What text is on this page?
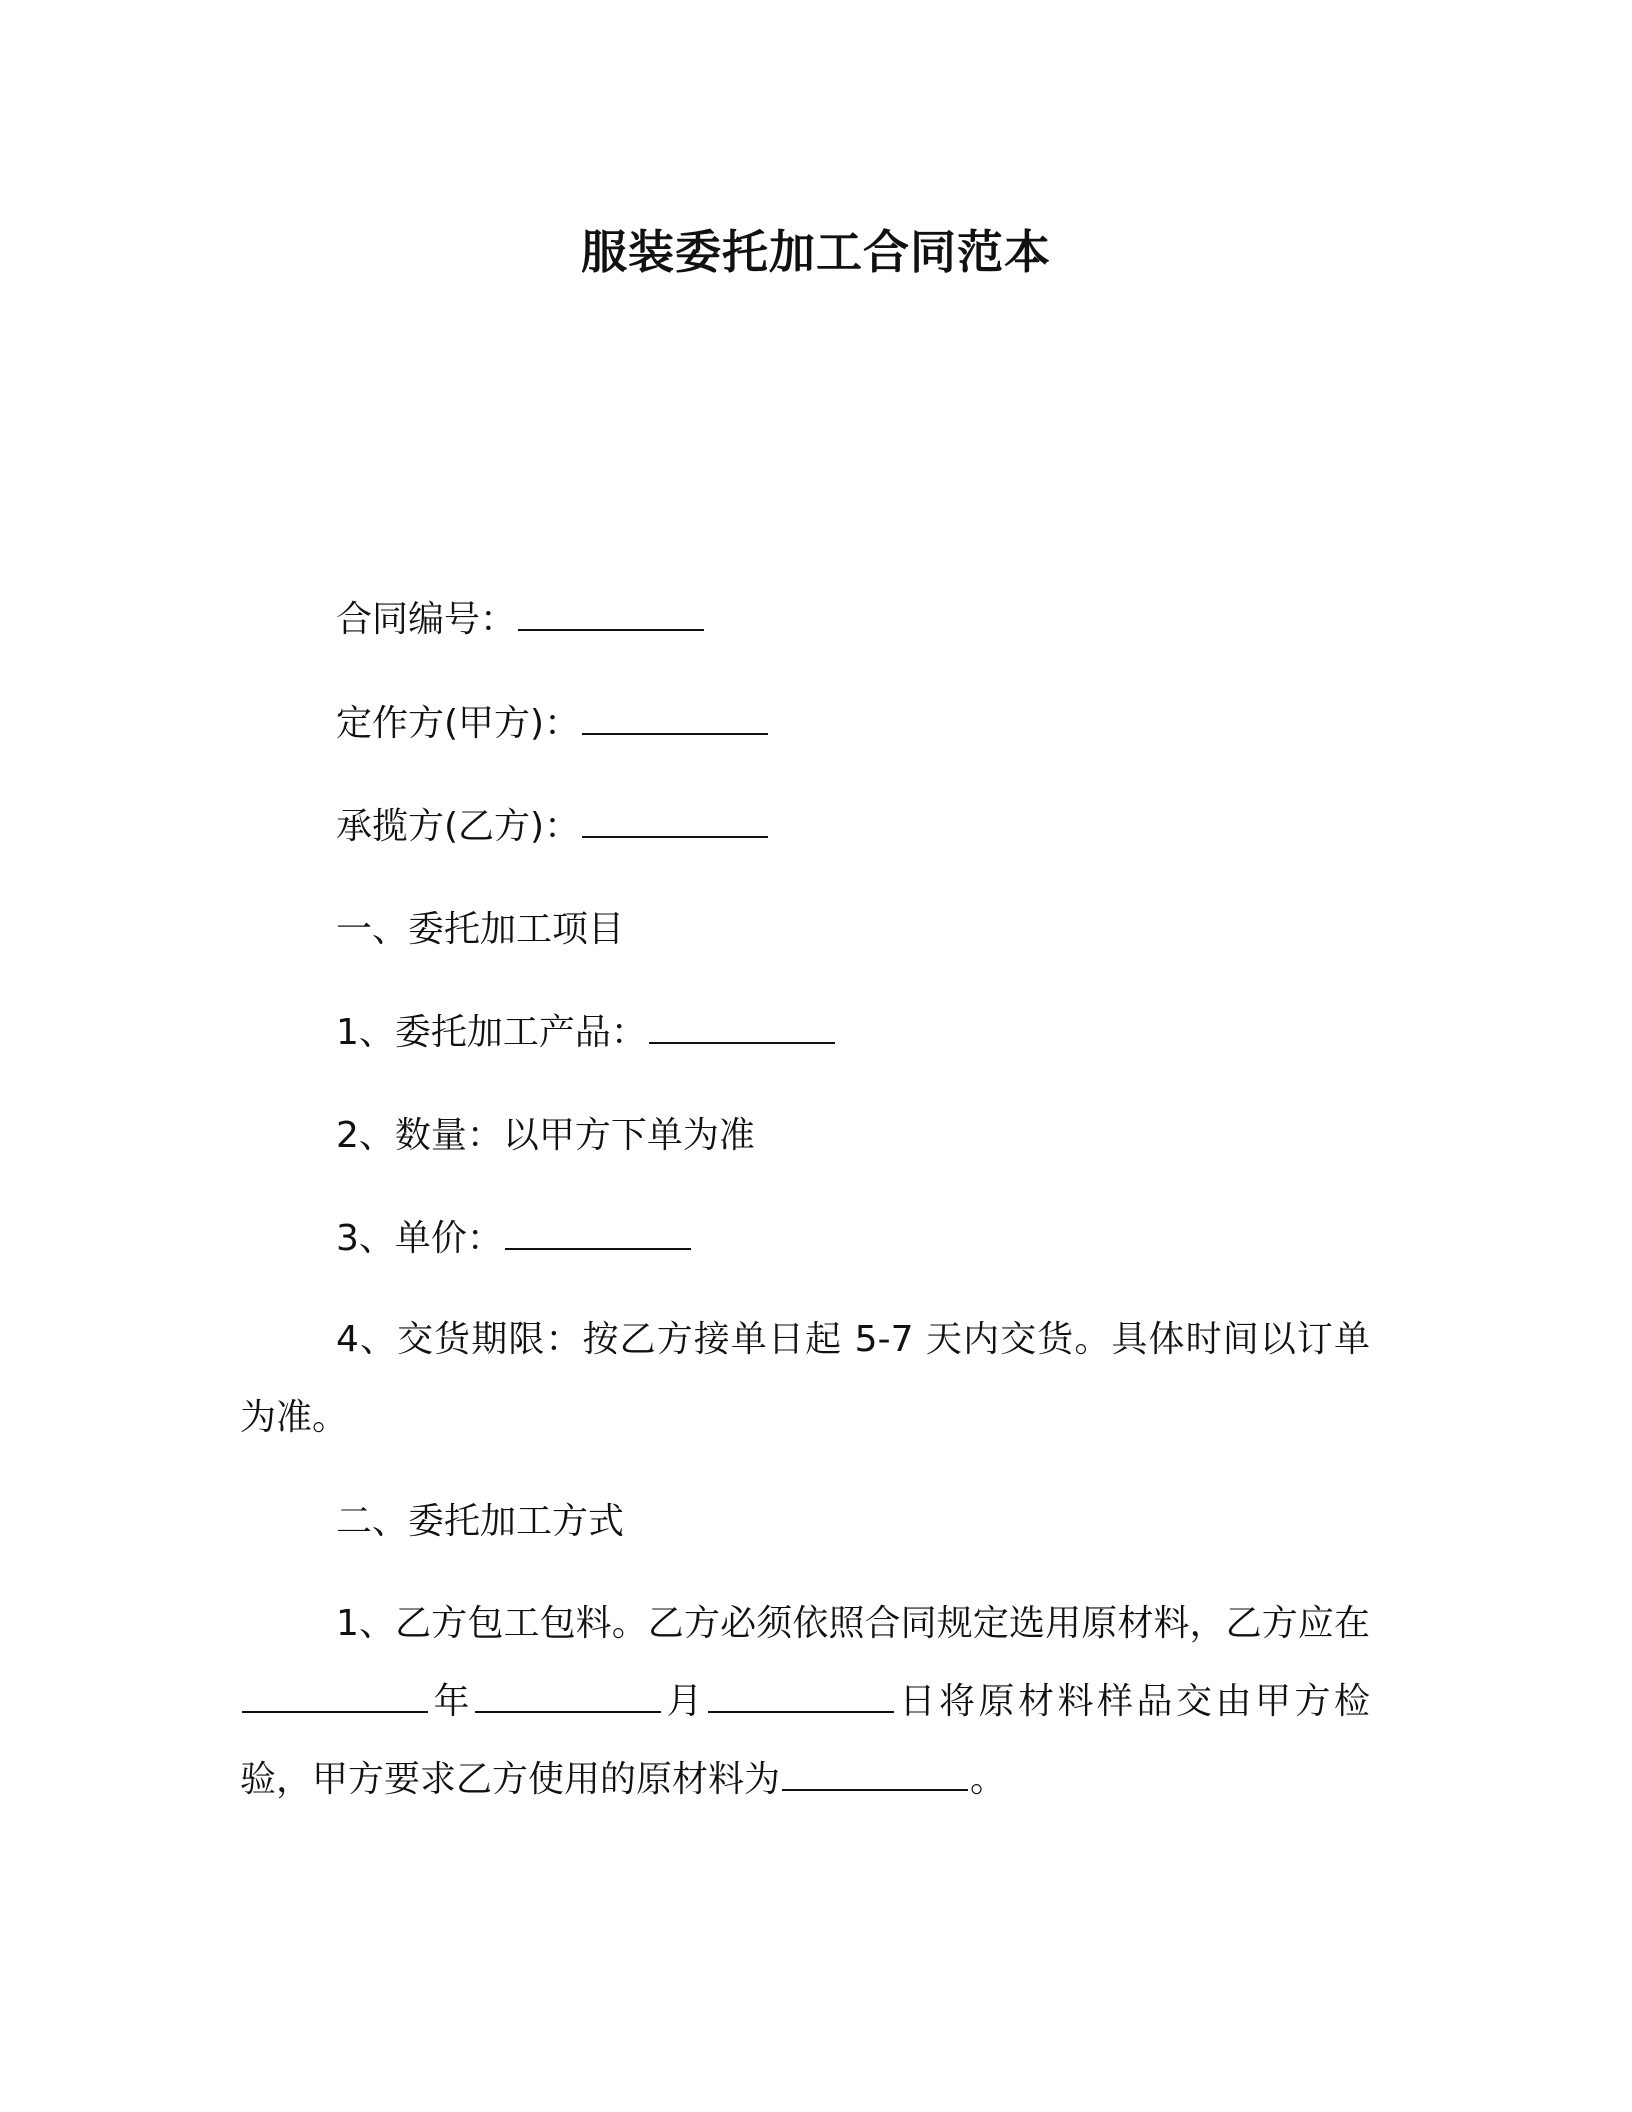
服装委托加工合同范本
合同编号：
定作方(甲方)：
承揽方(乙方)：
一、委托加工项目
1、委托加工产品：
2、数量：以甲方下单为准
3、单价：
4、交货期限：按乙方接单日起 5-7 天内交货。具体时间以订单为准。
二、委托加工方式
1、乙方包工包料。乙方必须依照合同规定选用原材料，乙方应在年	月	日将原材料样品交由甲方检验，甲方要求乙方使用的原材料为	。
